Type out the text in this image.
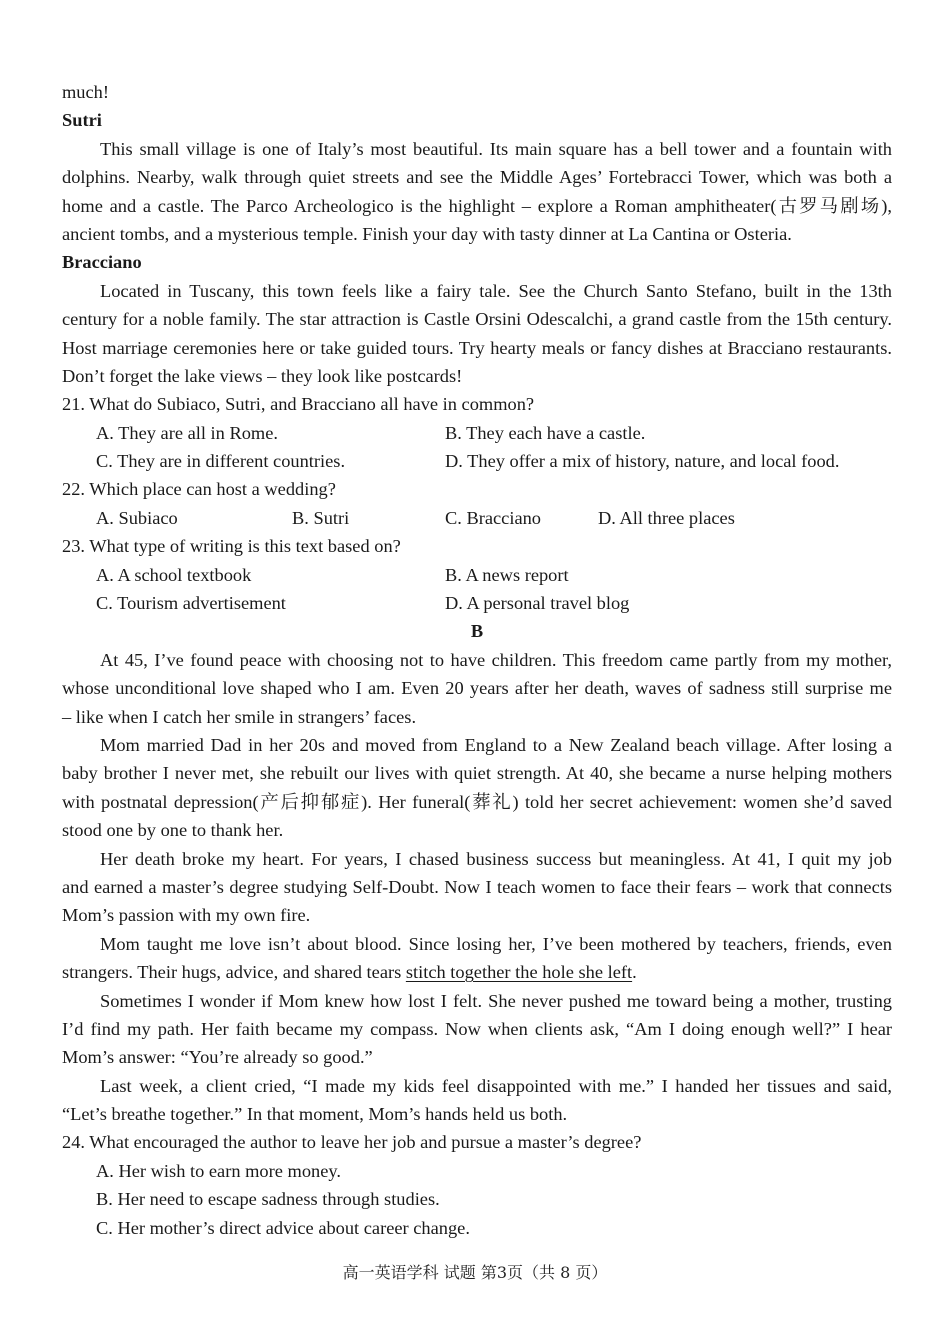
much!
Sutri
This small village is one of Italy’s most beautiful. Its main square has a bell tower and a fountain with
dolphins. Nearby, walk through quiet streets and see the Middle Ages’ Fortebracci Tower, which was both a
home and a castle. The Parco Archeologico is the highlight – explore a Roman amphitheater(古罗马剧场),
ancient tombs, and a mysterious temple. Finish your day with tasty dinner at La Cantina or Osteria.
Bracciano
Located in Tuscany, this town feels like a fairy tale. See the Church Santo Stefano, built in the 13th
century for a noble family. The star attraction is Castle Orsini Odescalchi, a grand castle from the 15th century.
Host marriage ceremonies here or take guided tours. Try hearty meals or fancy dishes at Bracciano restaurants.
Don’t forget the lake views – they look like postcards!
21. What do Subiaco, Sutri, and Bracciano all have in common?
A. They are all in Rome.	B. They each have a castle.
C. They are in different countries.	D. They offer a mix of history, nature, and local food.
22. Which place can host a wedding?
A. Subiaco	B. Sutri	C. Bracciano	D. All three places
23. What type of writing is this text based on?
A. A school textbook	B. A news report
C. Tourism advertisement	D. A personal travel blog
B
At 45, I’ve found peace with choosing not to have children. This freedom came partly from my mother,
whose unconditional love shaped who I am. Even 20 years after her death, waves of sadness still surprise me
– like when I catch her smile in strangers’ faces.
Mom married Dad in her 20s and moved from England to a New Zealand beach village. After losing a
baby brother I never met, she rebuilt our lives with quiet strength. At 40, she became a nurse helping mothers
with postnatal depression(产后抑郁症). Her funeral(葬礼) told her secret achievement: women she’d saved
stood one by one to thank her.
Her death broke my heart. For years, I chased business success but meaningless. At 41, I quit my job
and earned a master’s degree studying Self-Doubt. Now I teach women to face their fears – work that connects
Mom’s passion with my own fire.
Mom taught me love isn’t about blood. Since losing her, I’ve been mothered by teachers, friends, even
strangers. Their hugs, advice, and shared tears stitch together the hole she left.
Sometimes I wonder if Mom knew how lost I felt. She never pushed me toward being a mother, trusting
I’d find my path. Her faith became my compass. Now when clients ask, “Am I doing enough well?” I hear
Mom’s answer: “You’re already so good.”
Last week, a client cried, “I made my kids feel disappointed with me.” I handed her tissues and said,
“Let’s breathe together.” In that moment, Mom’s hands held us both.
24. What encouraged the author to leave her job and pursue a master’s degree?
A. Her wish to earn more money.
B. Her need to escape sadness through studies.
C. Her mother’s direct advice about career change.
高一英语学科 试题 第3页（共 8 页）
